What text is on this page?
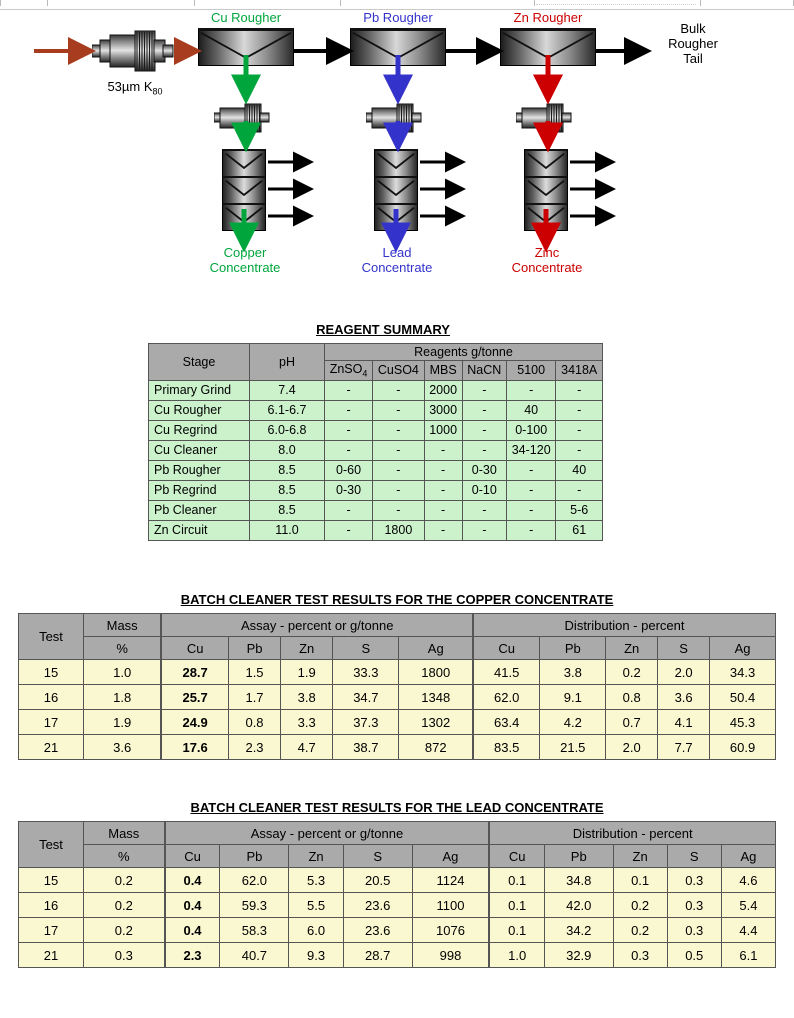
Cu Rougher	Pb Rougher	Zn Rougher
Bulk
Rougher
Tail
53µm $K_{80}$
Copper
Concentrate
Lead
Concentrate
Zinc
Concentrate
REAGENT SUMMARY
Stage	pH	Reagents g/tonne					
		ZnSO$_4$	CuSO4	MBS	NaCN	5100	3418A
Primary Grind	7.4	-	-	2000	-	-	-
Cu Rougher	6.1-6.7	-	-	3000	-	40	-
Cu Regrind	6.0-6.8	-	-	1000	-	0-100	-
Cu Cleaner	8.0	-	-	-	-	34-120	-
Pb Rougher	8.5	0-60	-	-	0-30	-	40
Pb Regrind	8.5	0-30	-	-	0-10	-	-
Pb Cleaner	8.5	-	-	-	-	-	5-6
Zn Circuit	11.0	-	1800	-	-	-	61
BATCH CLEANER TEST RESULTS FOR THE COPPER CONCENTRATE
Test	Mass	Assay - percent or g/tonne					Distribution - percent				
	%	Cu	Pb	Zn	S	Ag	Cu	Pb	Zn	S	Ag
15	1.0	28.7	1.5	1.9	33.3	1800	41.5	3.8	0.2	2.0	34.3
16	1.8	25.7	1.7	3.8	34.7	1348	62.0	9.1	0.8	3.6	50.4
17	1.9	24.9	0.8	3.3	37.3	1302	63.4	4.2	0.7	4.1	45.3
21	3.6	17.6	2.3	4.7	38.7	872	83.5	21.5	2.0	7.7	60.9
BATCH CLEANER TEST RESULTS FOR THE LEAD CONCENTRATE
Test	Mass	Assay - percent or g/tonne					Distribution - percent				
	%	Cu	Pb	Zn	S	Ag	Cu	Pb	Zn	S	Ag
15	0.2	0.4	62.0	5.3	20.5	1124	0.1	34.8	0.1	0.3	4.6
16	0.2	0.4	59.3	5.5	23.6	1100	0.1	42.0	0.2	0.3	5.4
17	0.2	0.4	58.3	6.0	23.6	1076	0.1	34.2	0.2	0.3	4.4
21	0.3	2.3	40.7	9.3	28.7	998	1.0	32.9	0.3	0.5	6.1
